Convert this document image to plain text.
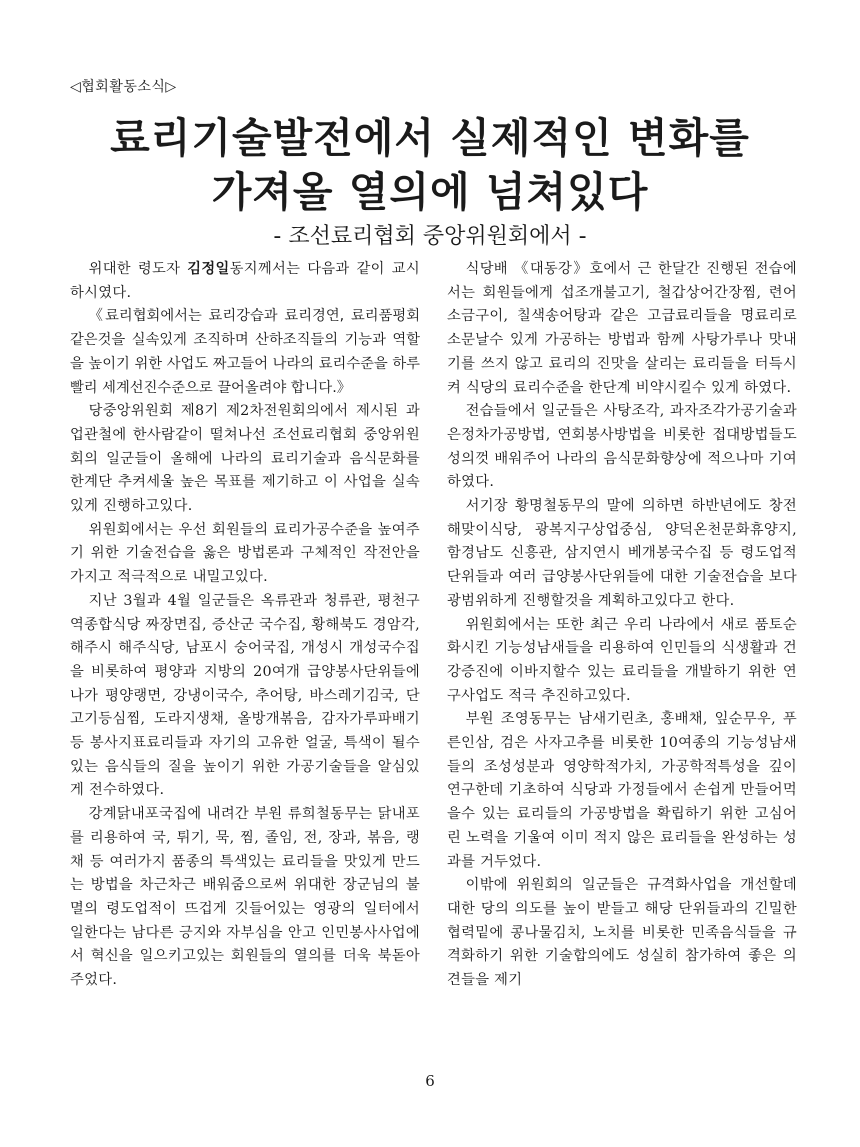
◁협회활동소식▷
료리기술발전에서 실제적인 변화를
가져올 열의에 넘쳐있다
- 조선료리협회 중앙위원회에서 -

위대한 령도자 김정일동지께서는 다음과 같이 교시하시였다.

《료리협회에서는 료리강습과 료리경연, 료리품평회 같은것을 실속있게 조직하며 산하조직들의 기능과 역할을 높이기 위한 사업도 짜고들어 나라의 료리수준을 하루빨리 세계선진수준으로 끌어올려야 합니다.》

당중앙위원회 제8기 제2차전원회의에서 제시된 과업관철에 한사람같이 떨쳐나선 조선료리협회 중앙위원회의 일군들이 올해에 나라의 료리기술과 음식문화를 한계단 추켜세울 높은 목표를 제기하고 이 사업을 실속있게 진행하고있다.

위원회에서는 우선 회원들의 료리가공수준을 높여주기 위한 기술전습을 옳은 방법론과 구체적인 작전안을 가지고 적극적으로 내밀고있다.

지난 3월과 4월 일군들은 옥류관과 청류관, 평천구역종합식당 짜장면집, 증산군 국수집, 황해북도 경암각, 해주시 해주식당, 남포시 숭어국집, 개성시 개성국수집을 비롯하여 평양과 지방의 20여개 급양봉사단위들에 나가 평양랭면, 강냉이국수, 추어탕, 바스레기김국, 단고기등심찜, 도라지생채, 올방개볶음, 감자가루파배기 등 봉사지표료리들과 자기의 고유한 얼굴, 특색이 될수 있는 음식들의 질을 높이기 위한 가공기술들을 알심있게 전수하였다.

강계닭내포국집에 내려간 부원 류희철동무는 닭내포를 리용하여 국, 튀기, 묵, 찜, 졸임, 전, 장과, 볶음, 랭채 등 여러가지 품종의 특색있는 료리들을 맛있게 만드는 방법을 차근차근 배워줌으로써 위대한 장군님의 불멸의 령도업적이 뜨겁게 깃들어있는 영광의 일터에서 일한다는 남다른 긍지와 자부심을 안고 인민봉사사업에서 혁신을 일으키고있는 회원들의 열의를 더욱 북돋아주었다.

식당배 《대동강》호에서 근 한달간 진행된 전습에서는 회원들에게 섭조개불고기, 철갑상어간장찜, 련어소금구이, 칠색송어탕과 같은 고급료리들을 명료리로 소문날수 있게 가공하는 방법과 함께 사탕가루나 맛내기를 쓰지 않고 료리의 진맛을 살리는 료리들을 터득시켜 식당의 료리수준을 한단계 비약시킬수 있게 하였다.

전습들에서 일군들은 사탕조각, 과자조각가공기술과 은정차가공방법, 연회봉사방법을 비롯한 접대방법들도 성의껏 배워주어 나라의 음식문화향상에 적으나마 기여하였다.

서기장 황명철동무의 말에 의하면 하반년에도 창전해맞이식당, 광복지구상업중심, 양덕온천문화휴양지, 함경남도 신흥관, 삼지연시 베개봉국수집 등 령도업적단위들과 여러 급양봉사단위들에 대한 기술전습을 보다 광범위하게 진행할것을 계획하고있다고 한다.

위원회에서는 또한 최근 우리 나라에서 새로 품토순화시킨 기능성남새들을 리용하여 인민들의 식생활과 건강증진에 이바지할수 있는 료리들을 개발하기 위한 연구사업도 적극 추진하고있다.

부원 조영동무는 남새기린초, 홍배채, 잎순무우, 푸른인삼, 검은 사자고추를 비롯한 10여종의 기능성남새들의 조성성분과 영양학적가치, 가공학적특성을 깊이 연구한데 기초하여 식당과 가정들에서 손쉽게 만들어먹을수 있는 료리들의 가공방법을 확립하기 위한 고심어린 노력을 기울여 이미 적지 않은 료리들을 완성하는 성과를 거두었다.

이밖에 위원회의 일군들은 규격화사업을 개선할데 대한 당의 의도를 높이 받들고 해당 단위들과의 긴밀한 협력밑에 콩나물김치, 노치를 비롯한 민족음식들을 규격화하기 위한 기술합의에도 성실히 참가하여 좋은 의견들을 제기

6
